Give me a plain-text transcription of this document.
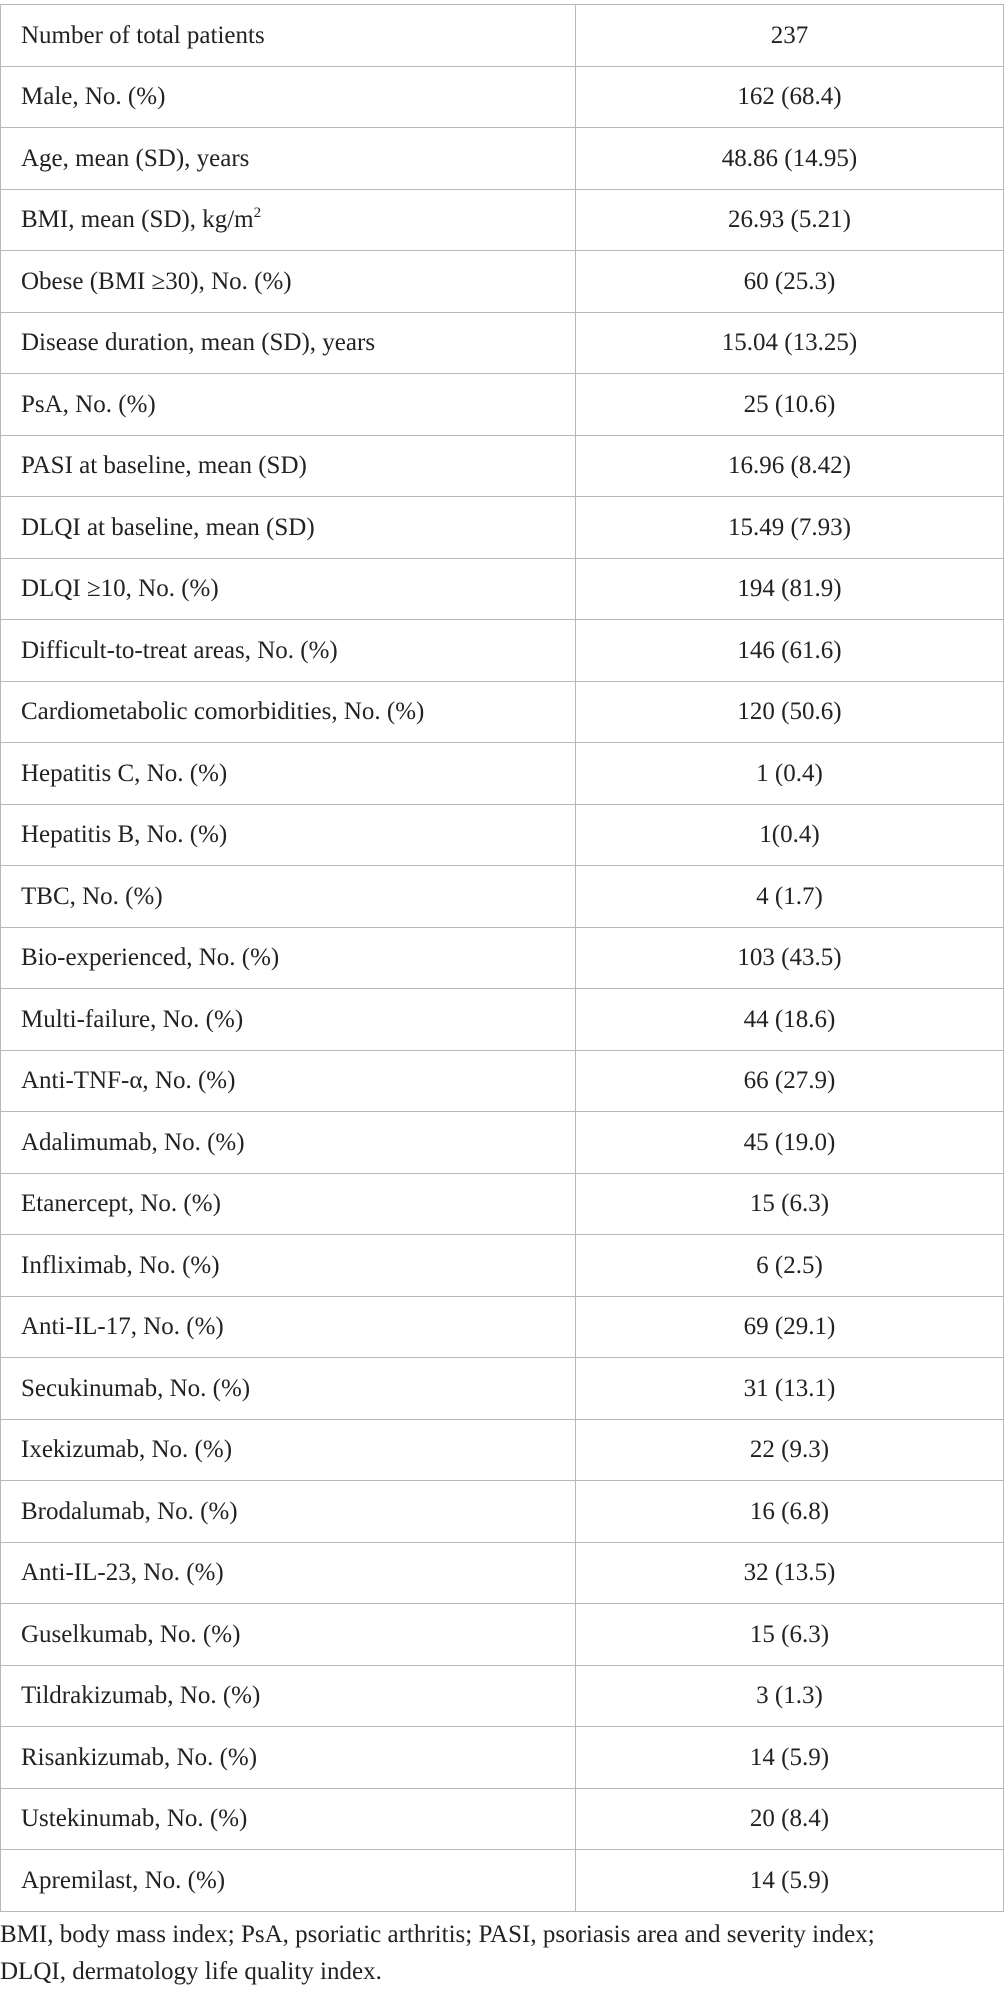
Number of total patients	237
Male, No. (%)	162 (68.4)
Age, mean (SD), years	48.86 (14.95)
BMI, mean (SD), $kg/m^2$	26.93 (5.21)
Obese (BMI ≥30), No. (%)	60 (25.3)
Disease duration, mean (SD), years	15.04 (13.25)
PsA, No. (%)	25 (10.6)
PASI at baseline, mean (SD)	16.96 (8.42)
DLQI at baseline, mean (SD)	15.49 (7.93)
DLQI ≥10, No. (%)	194 (81.9)
Difficult-to-treat areas, No. (%)	146 (61.6)
Cardiometabolic comorbidities, No. (%)	120 (50.6)
Hepatitis C, No. (%)	1 (0.4)
Hepatitis B, No. (%)	1(0.4)
TBC, No. (%)	4 (1.7)
Bio-experienced, No. (%)	103 (43.5)
Multi-failure, No. (%)	44 (18.6)
Anti-TNF-α, No. (%)	66 (27.9)
Adalimumab, No. (%)	45 (19.0)
Etanercept, No. (%)	15 (6.3)
Infliximab, No. (%)	6 (2.5)
Anti-IL-17, No. (%)	69 (29.1)
Secukinumab, No. (%)	31 (13.1)
Ixekizumab, No. (%)	22 (9.3)
Brodalumab, No. (%)	16 (6.8)
Anti-IL-23, No. (%)	32 (13.5)
Guselkumab, No. (%)	15 (6.3)
Tildrakizumab, No. (%)	3 (1.3)
Risankizumab, No. (%)	14 (5.9)
Ustekinumab, No. (%)	20 (8.4)
Apremilast, No. (%)	14 (5.9)
BMI, body mass index; PsA, psoriatic arthritis; PASI, psoriasis area and severity index;
DLQI, dermatology life quality index.
